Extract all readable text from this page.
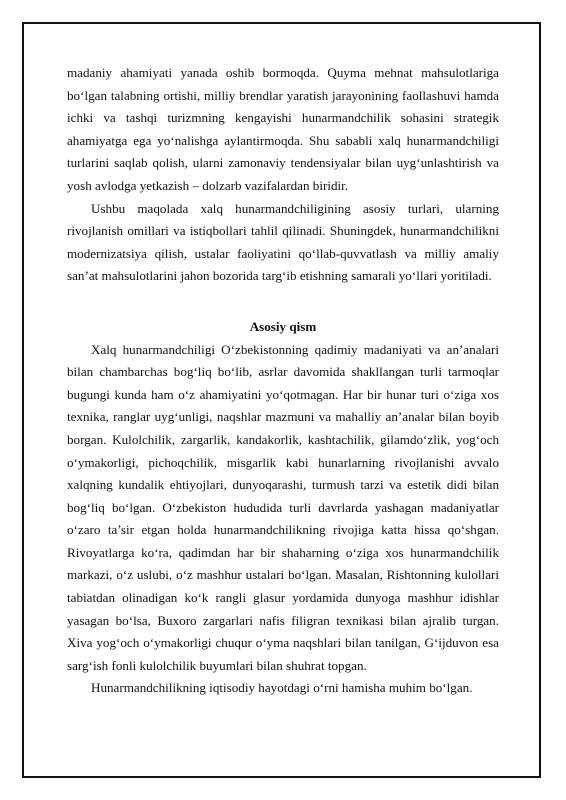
madaniy ahamiyati yanada oshib bormoqda. Quyma mehnat mahsulotlariga bo‘lgan talabning ortishi, milliy brendlar yaratish jarayonining faollashuvi hamda ichki va tashqi turizmning kengayishi hunarmandchilik sohasini strategik ahamiyatga ega yo‘nalishga aylantirmoqda. Shu sababli xalq hunarmandchiligi turlarini saqlab qolish, ularni zamonaviy tendensiyalar bilan uyg‘unlashtirish va yosh avlodga yetkazish – dolzarb vazifalardan biridir.

Ushbu maqolada xalq hunarmandchiligining asosiy turlari, ularning rivojlanish omillari va istiqbollari tahlil qilinadi. Shuningdek, hunarmandchilikni modernizatsiya qilish, ustalar faoliyatini qo‘llab-quvvatlash va milliy amaliy san’at mahsulotlarini jahon bozorida targ‘ib etishning samarali yo‘llari yoritiladi.

Asosiy qism

Xalq hunarmandchiligi O‘zbekistonning qadimiy madaniyati va an’analari bilan chambarchas bog‘liq bo‘lib, asrlar davomida shakllangan turli tarmoqlar bugungi kunda ham o‘z ahamiyatini yo‘qotmagan. Har bir hunar turi o‘ziga xos texnika, ranglar uyg‘unligi, naqshlar mazmuni va mahalliy an’analar bilan boyib borgan. Kulolchilik, zargarlik, kandakorlik, kashtachilik, gilamdo‘zlik, yog‘och o‘ymakorligi, pichoqchilik, misgarlik kabi hunarlarning rivojlanishi avvalo xalqning kundalik ehtiyojlari, dunyoqarashi, turmush tarzi va estetik didi bilan bog‘liq bo‘lgan. O‘zbekiston hududida turli davrlarda yashagan madaniyatlar o‘zaro ta’sir etgan holda hunarmandchilikning rivojiga katta hissa qo‘shgan. Rivoyatlarga ko‘ra, qadimdan har bir shaharning o‘ziga xos hunarmandchilik markazi, o‘z uslubi, o‘z mashhur ustalari bo‘lgan. Masalan, Rishtonning kulollari tabiatdan olinadigan ko‘k rangli glasur yordamida dunyoga mashhur idishlar yasagan bo‘lsa, Buxoro zargarlari nafis filigran texnikasi bilan ajralib turgan. Xiva yog‘och o‘ymakorligi chuqur o‘yma naqshlari bilan tanilgan, G‘ijduvon esa sarg‘ish fonli kulolchilik buyumlari bilan shuhrat topgan.

Hunarmandchilikning iqtisodiy hayotdagi o‘rni hamisha muhim bo‘lgan.
